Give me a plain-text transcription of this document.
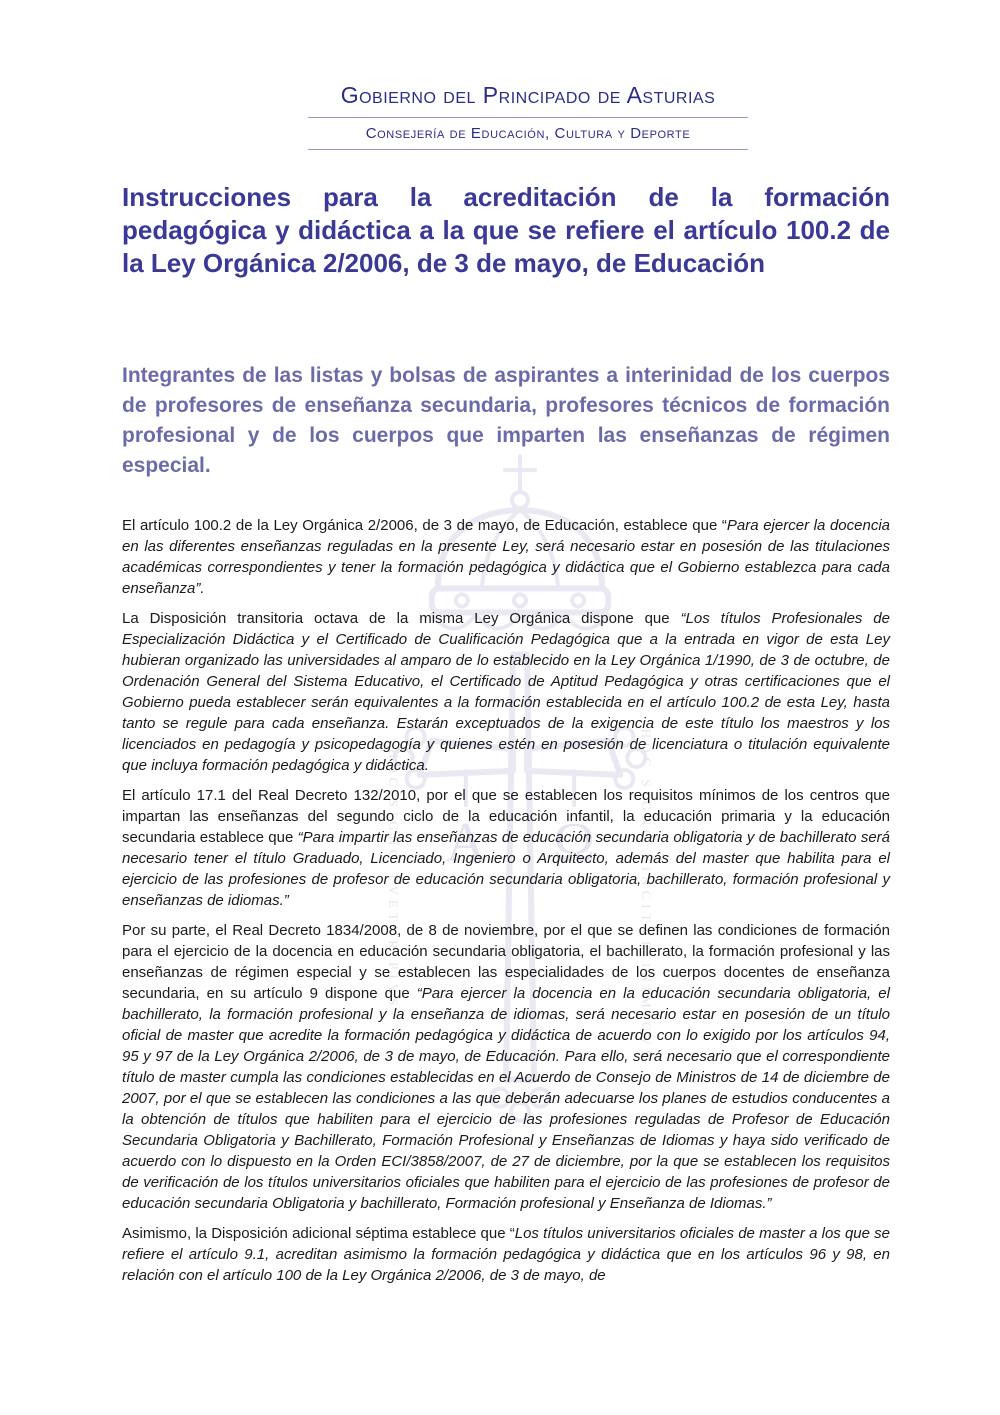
Α Ω
HOC SIGNO TVETVR PIVS	HOC SIGNO VINCITVR INIMICVS
Gobierno del Principado de Asturias
Consejería de Educación, Cultura y Deporte
Instrucciones para la acreditación de la formación pedagógica y didáctica a la que se refiere el artículo 100.2 de la Ley Orgánica 2/2006, de 3 de mayo, de Educación
Integrantes de las listas y bolsas de aspirantes a interinidad de los cuerpos de profesores de enseñanza secundaria, profesores técnicos de formación profesional y de los cuerpos que imparten las enseñanzas de régimen especial.

El artículo 100.2 de la Ley Orgánica 2/2006, de 3 de mayo, de Educación, establece que “Para ejercer la docencia en las diferentes enseñanzas reguladas en la presente Ley, será necesario estar en posesión de las titulaciones académicas correspondientes y tener la formación pedagógica y didáctica que el Gobierno establezca para cada enseñanza”.

La Disposición transitoria octava de la misma Ley Orgánica dispone que “Los títulos Profesionales de Especialización Didáctica y el Certificado de Cualificación Pedagógica que a la entrada en vigor de esta Ley hubieran organizado las universidades al amparo de lo establecido en la Ley Orgánica 1/1990, de 3 de octubre, de Ordenación General del Sistema Educativo, el Certificado de Aptitud Pedagógica y otras certificaciones que el Gobierno pueda establecer serán equivalentes a la formación establecida en el artículo 100.2 de esta Ley, hasta tanto se regule para cada enseñanza. Estarán exceptuados de la exigencia de este título los maestros y los licenciados en pedagogía y psicopedagogía y quienes estén en posesión de licenciatura o titulación equivalente que incluya formación pedagógica y didáctica.

El artículo 17.1 del Real Decreto 132/2010, por el que se establecen los requisitos mínimos de los centros que impartan las enseñanzas del segundo ciclo de la educación infantil, la educación primaria y la educación secundaria establece que “Para impartir las enseñanzas de educación secundaria obligatoria y de bachillerato será necesario tener el título Graduado, Licenciado, Ingeniero o Arquitecto, además del master que habilita para el ejercicio de las profesiones de profesor de educación secundaria obligatoria, bachillerato, formación profesional y enseñanzas de idiomas.”

Por su parte, el Real Decreto 1834/2008, de 8 de noviembre, por el que se definen las condiciones de formación para el ejercicio de la docencia en educación secundaria obligatoria, el bachillerato, la formación profesional y las enseñanzas de régimen especial y se establecen las especialidades de los cuerpos docentes de enseñanza secundaria, en su artículo 9 dispone que “Para ejercer la docencia en la educación secundaria obligatoria, el bachillerato, la formación profesional y la enseñanza de idiomas, será necesario estar en posesión de un título oficial de master que acredite la formación pedagógica y didáctica de acuerdo con lo exigido por los artículos 94, 95 y 97 de la Ley Orgánica 2/2006, de 3 de mayo, de Educación. Para ello, será necesario que el correspondiente título de master cumpla las condiciones establecidas en el Acuerdo de Consejo de Ministros de 14 de diciembre de 2007, por el que se establecen las condiciones a las que deberán adecuarse los planes de estudios conducentes a la obtención de títulos que habiliten para el ejercicio de las profesiones reguladas de Profesor de Educación Secundaria Obligatoria y Bachillerato, Formación Profesional y Enseñanzas de Idiomas y haya sido verificado de acuerdo con lo dispuesto en la Orden ECI/3858/2007, de 27 de diciembre, por la que se establecen los requisitos de verificación de los títulos universitarios oficiales que habiliten para el ejercicio de las profesiones de profesor de educación secundaria Obligatoria y bachillerato, Formación profesional y Enseñanza de Idiomas.”

Asimismo, la Disposición adicional séptima establece que “Los títulos universitarios oficiales de master a los que se refiere el artículo 9.1, acreditan asimismo la formación pedagógica y didáctica que en los artículos 96 y 98, en relación con el artículo 100 de la Ley Orgánica 2/2006, de 3 de mayo, de
